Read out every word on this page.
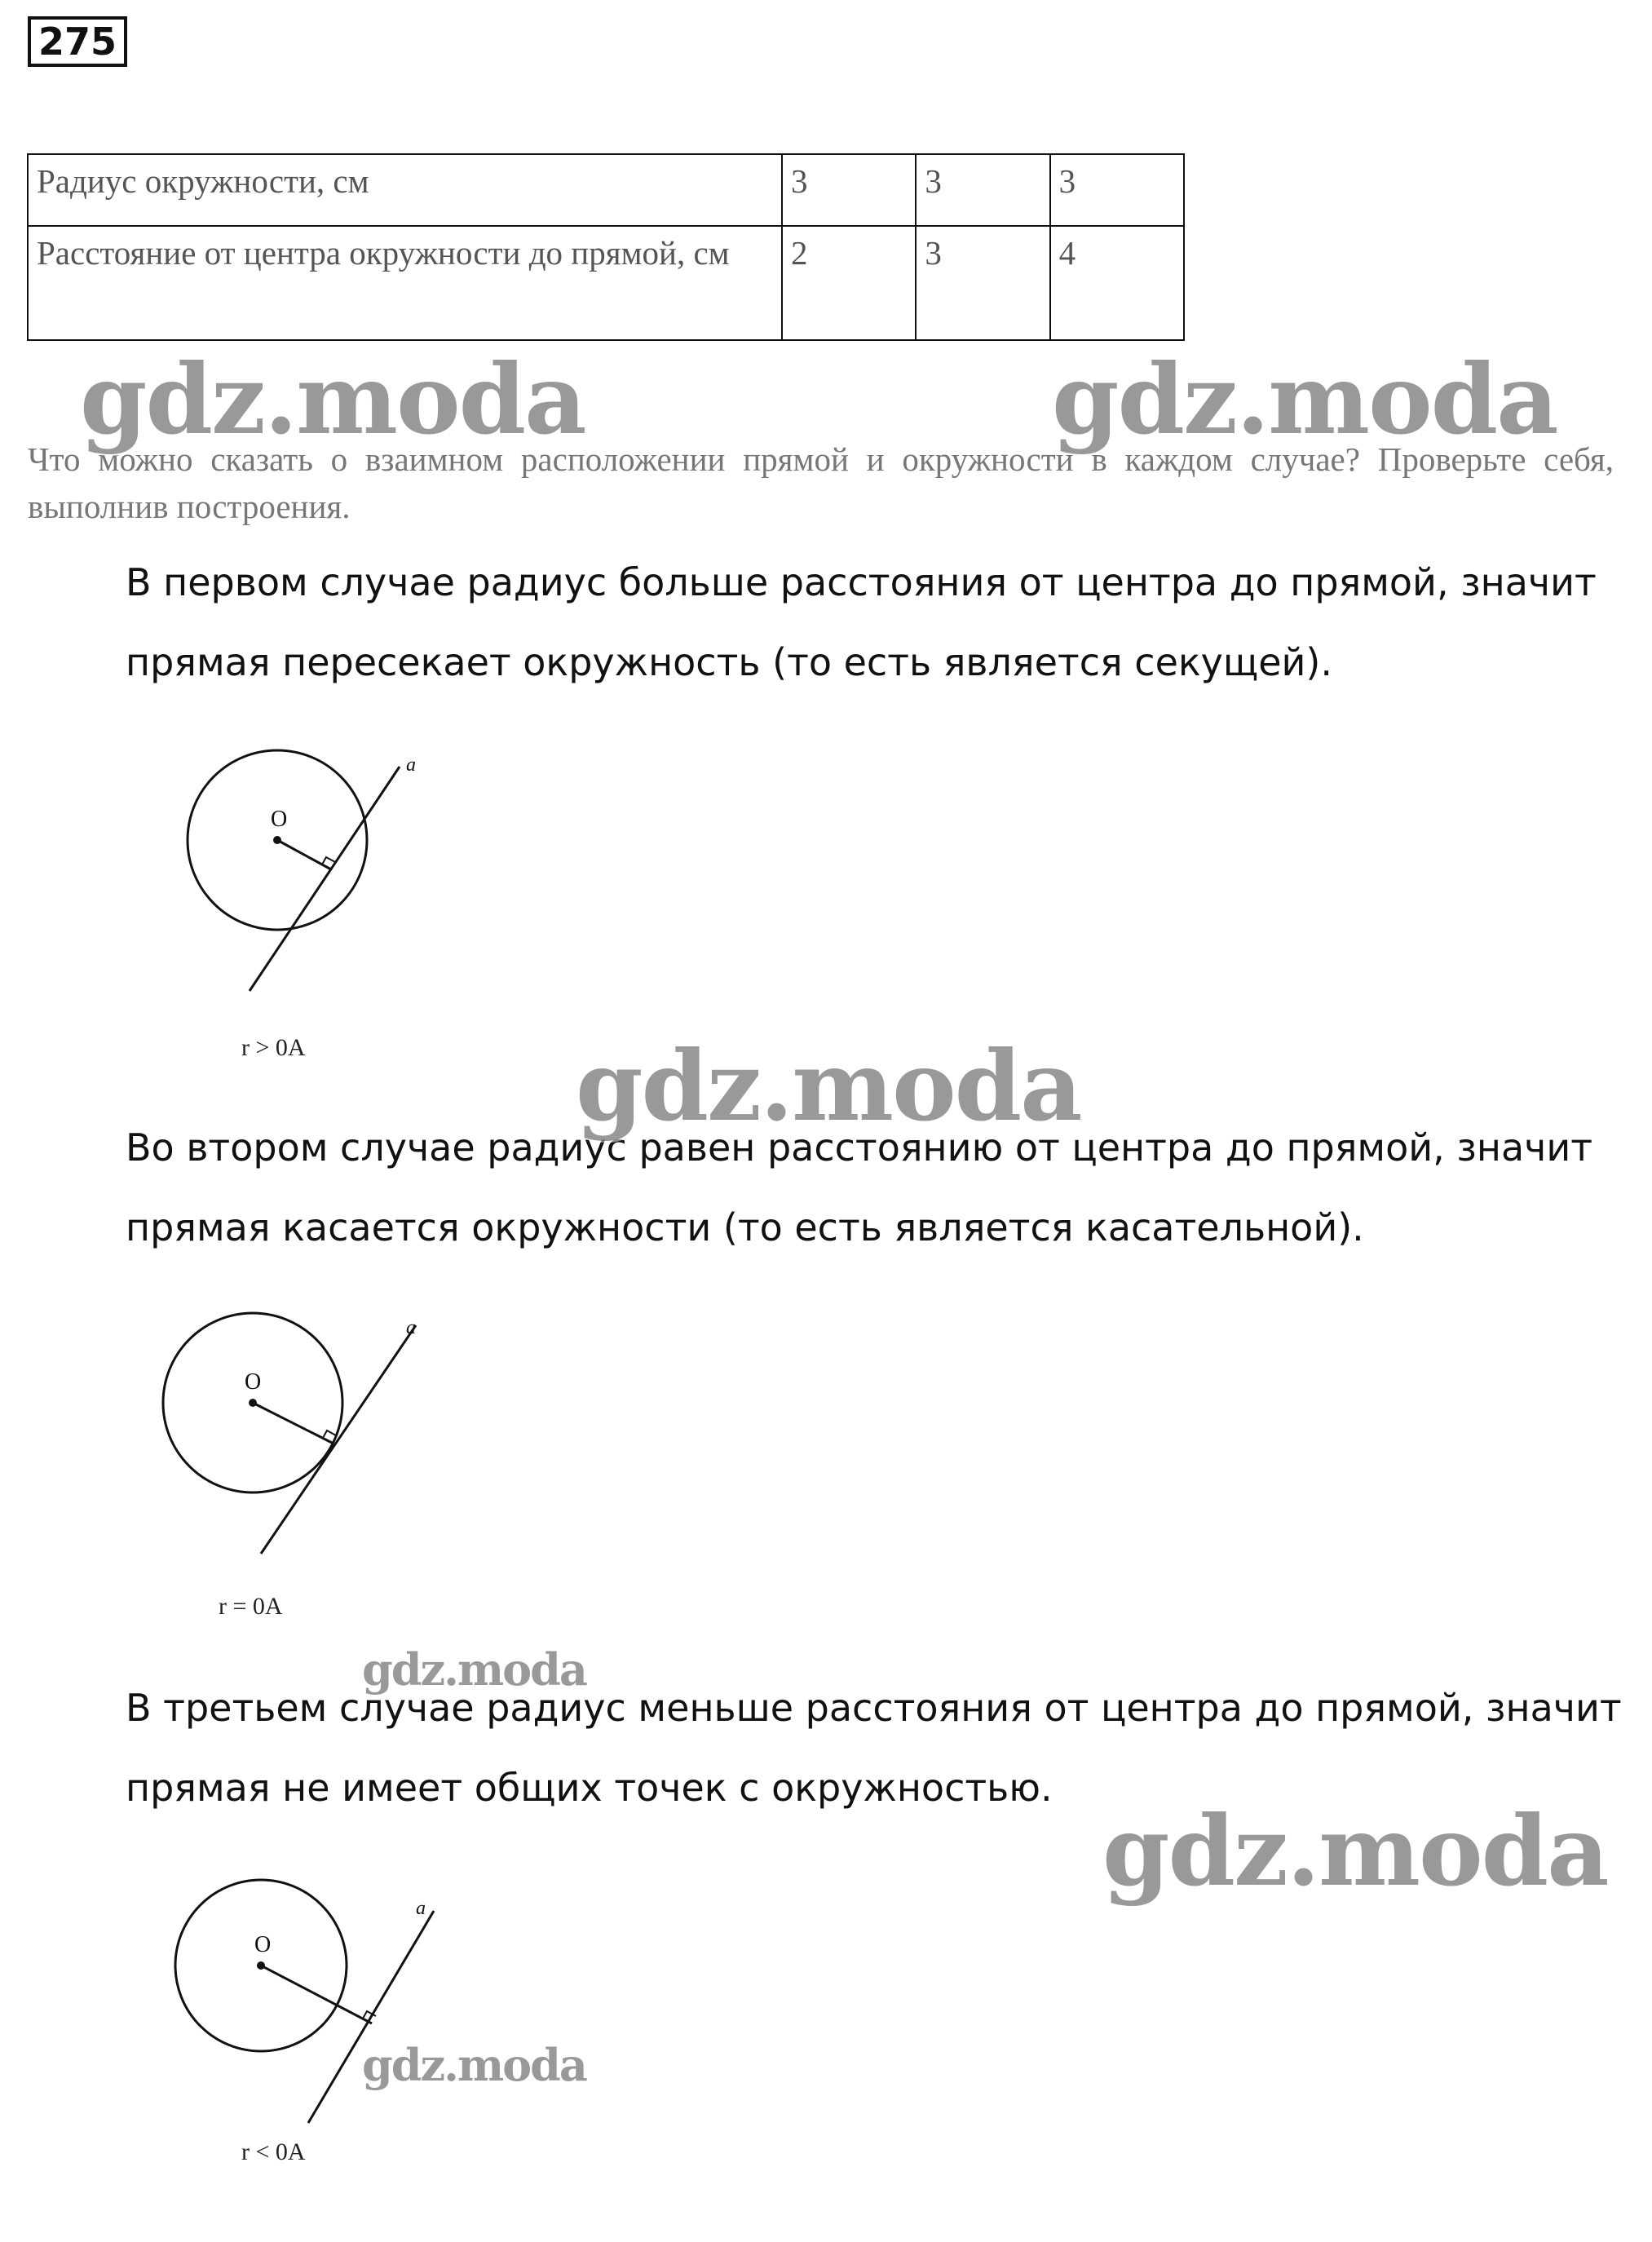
275
Радиус окружности, см	3	3	3
Расстояние от центра окружности до прямой, см	2	3	4
Что можно сказать о взаимном расположении прямой и окружности в каждом случае? Проверьте себя, выполнив построения.
В первом случае радиус больше расстояния от центра до прямой, значит прямая пересекает окружность (то есть является секущей).
O
a
r > 0A
Во втором случае радиус равен расстоянию от центра до прямой, значит прямая касается окружности (то есть является касательной).
O
a
r = 0A
В третьем случае радиус меньше расстояния от центра до прямой, значит прямая не имеет общих точек с окружностью.
O
a
r < 0A
gdz.moda	gdz.moda
gdz.moda
gdz.moda
gdz.moda
gdz.moda
